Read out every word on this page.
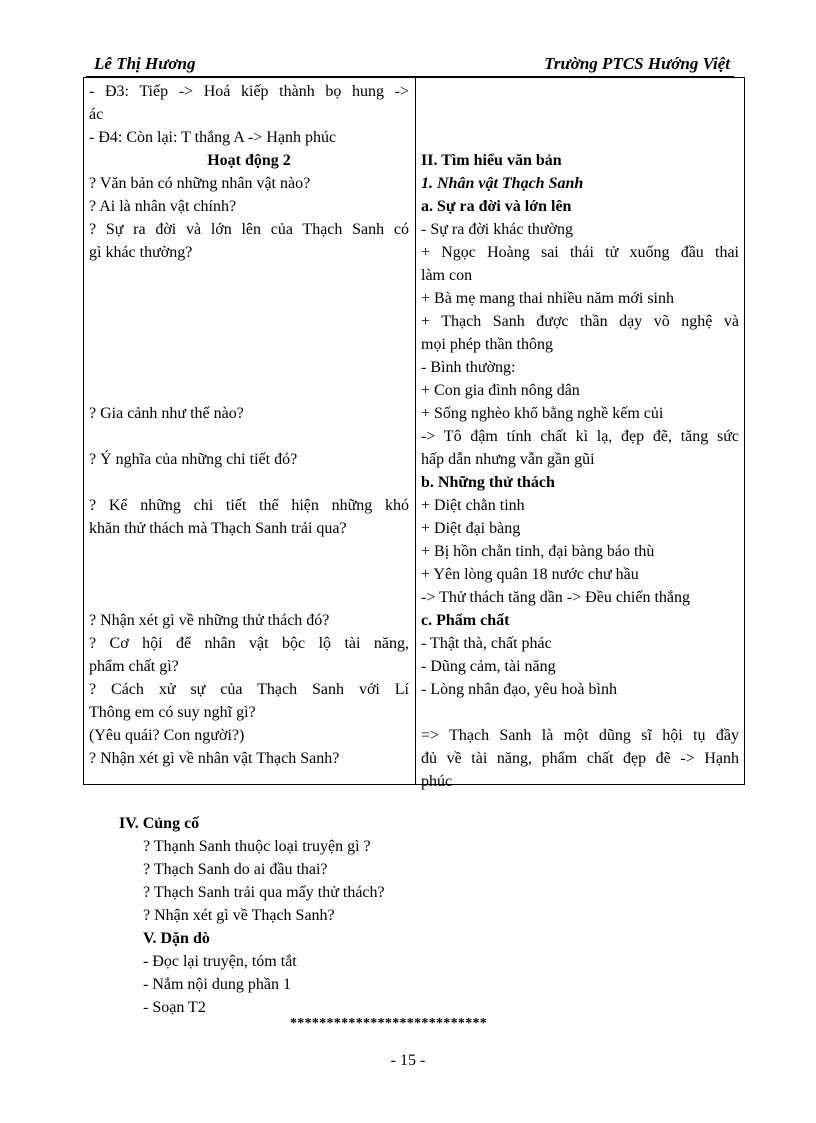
Lê Thị Hương	Trường PTCS Hướng Việt
- Đ3: Tiếp -> Hoá kiếp thành bọ hung ->
ác
- Đ4: Còn lại: T thắng A -> Hạnh phúc
Hoạt động 2
? Văn bản có những nhân vật nào?
? Ai là nhân vật chính?
? Sự ra đời và lớn lên của Thạch Sanh có
gì khác thường?
? Gia cảnh như thế nào?
? Ý nghĩa của những chi tiết đó?
? Kể những chi tiết thể hiện những khó
khăn thử thách mà Thạch Sanh trải qua?
? Nhận xét gì về những thử thách đó?
? Cơ hội để nhân vật bộc lộ tài năng,
phẩm chất gì?
? Cách xử sự của Thạch Sanh với Lí
Thông em có suy nghĩ gì?
(Yêu quái? Con người?)
? Nhận xét gì về nhân vật Thạch Sanh?
II. Tìm hiểu văn bản
1. Nhân vật Thạch Sanh
a. Sự ra đời và lớn lên
- Sự ra đời khác thường
+ Ngọc Hoàng sai thái tử xuống đầu thai
làm con
+ Bà mẹ mang thai nhiều năm mới sinh
+ Thạch Sanh được thần dạy võ nghệ và
mọi phép thần thông
- Bình thường:
+ Con gia đình nông dân
+ Sống nghèo khổ bằng nghề kếm củi
-> Tô đậm tính chất kì lạ, đẹp đẽ, tăng sức
hấp dẫn nhưng vẫn gần gũi
b. Những thử thách
+ Diệt chằn tinh
+ Diệt đại bàng
+ Bị hồn chằn tinh, đại bàng báo thù
+ Yên lòng quân 18 nước chư hầu
-> Thử thách tăng dần -> Đều chiến thắng
c. Phẩm chất
- Thật thà, chất phác
- Dũng cảm, tài năng
- Lòng nhân đạo, yêu hoà bình
=> Thạch Sanh là một dũng sĩ hội tụ đầy
đủ về tài năng, phẩm chất đẹp đẽ -> Hạnh
phúc
IV. Củng cố
? Thạnh Sanh thuộc loại truyện gì ?
? Thạch Sanh do ai đầu thai?
? Thạch Sanh trải qua mấy thử thách?
? Nhận xét gì về Thạch Sanh?
V. Dặn dò
- Đọc lại truyện, tóm tắt
- Nắm nội dung phần 1
- Soạn T2
***************************
- 15 -
